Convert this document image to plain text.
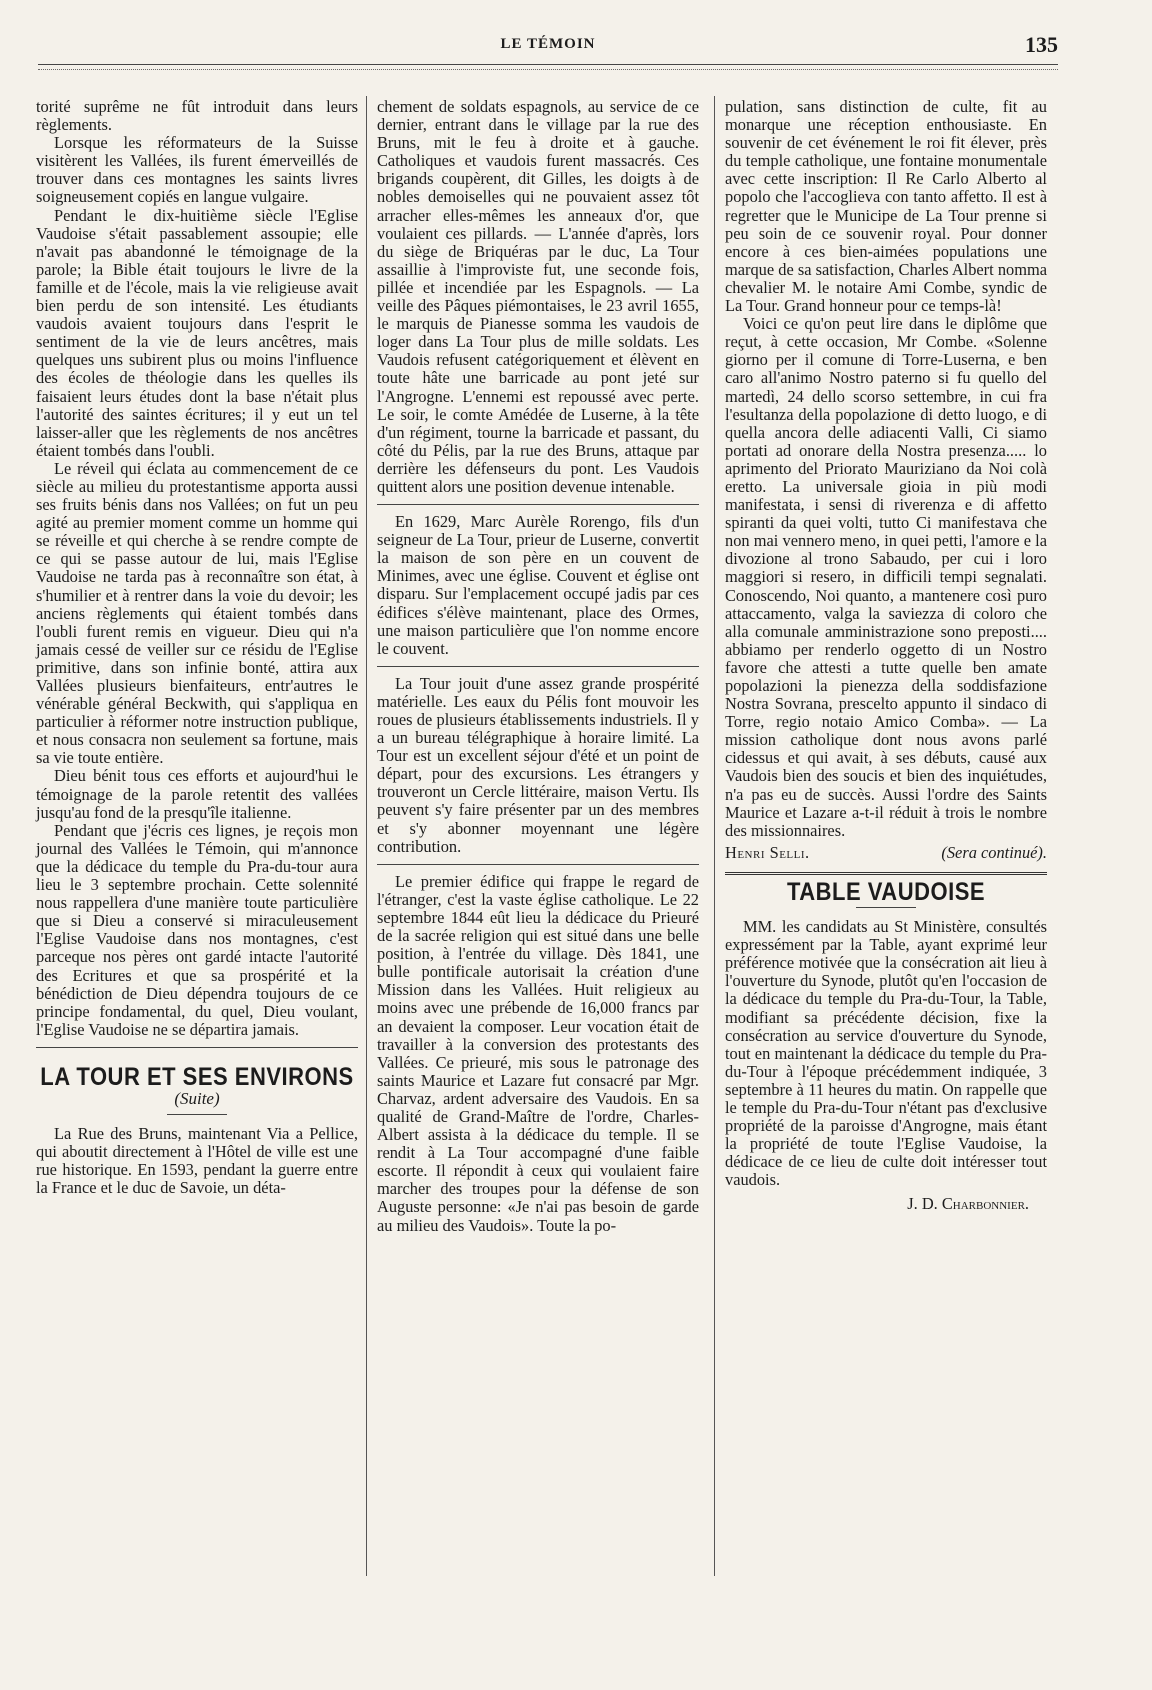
LE TÉMOIN	135

torité suprême ne fût introduit dans leurs règlements.

Lorsque les réformateurs de la Suisse visitèrent les Vallées, ils furent émerveillés de trouver dans ces montagnes les saints livres soigneusement copiés en langue vulgaire.

Pendant le dix-huitième siècle l'Eglise Vaudoise s'était passablement assoupie; elle n'avait pas abandonné le témoignage de la parole; la Bible était toujours le livre de la famille et de l'école, mais la vie religieuse avait bien perdu de son intensité. Les étudiants vaudois avaient toujours dans l'esprit le sentiment de la vie de leurs ancêtres, mais quelques uns subirent plus ou moins l'influence des écoles de théologie dans les quelles ils faisaient leurs études dont la base n'était plus l'autorité des saintes écritures; il y eut un tel laisser-aller que les règlements de nos ancêtres étaient tombés dans l'oubli.

Le réveil qui éclata au commencement de ce siècle au milieu du protestantisme apporta aussi ses fruits bénis dans nos Vallées; on fut un peu agité au premier moment comme un homme qui se réveille et qui cherche à se rendre compte de ce qui se passe autour de lui, mais l'Eglise Vaudoise ne tarda pas à reconnaître son état, à s'humilier et à rentrer dans la voie du devoir; les anciens règlements qui étaient tombés dans l'oubli furent remis en vigueur. Dieu qui n'a jamais cessé de veiller sur ce résidu de l'Eglise primitive, dans son infinie bonté, attira aux Vallées plusieurs bienfaiteurs, entr'autres le vénérable général Beckwith, qui s'appliqua en particulier à réformer notre instruction publique, et nous consacra non seulement sa fortune, mais sa vie toute entière.

Dieu bénit tous ces efforts et aujourd'hui le témoignage de la parole retentit des vallées jusqu'au fond de la presqu'île italienne.

Pendant que j'écris ces lignes, je reçois mon journal des Vallées le Témoin, qui m'annonce que la dédicace du temple du Pra-du-tour aura lieu le 3 septembre prochain. Cette solennité nous rappellera d'une manière toute particulière que si Dieu a conservé si miraculeusement l'Eglise Vaudoise dans nos montagnes, c'est parceque nos pères ont gardé intacte l'autorité des Ecritures et que sa prospérité et la bénédiction de Dieu dépendra toujours de ce principe fondamental, du quel, Dieu voulant, l'Eglise Vaudoise ne se départira jamais.

LA TOUR ET SES ENVIRONS
(Suite)

La Rue des Bruns, maintenant Via a Pellice, qui aboutit directement à l'Hôtel de ville est une rue historique. En 1593, pendant la guerre entre la France et le duc de Savoie, un déta-

chement de soldats espagnols, au service de ce dernier, entrant dans le village par la rue des Bruns, mit le feu à droite et à gauche. Catholiques et vaudois furent massacrés. Ces brigands coupèrent, dit Gilles, les doigts à de nobles demoiselles qui ne pouvaient assez tôt arracher elles-mêmes les anneaux d'or, que voulaient ces pillards. — L'année d'après, lors du siège de Briquéras par le duc, La Tour assaillie à l'improviste fut, une seconde fois, pillée et incendiée par les Espagnols. — La veille des Pâques piémontaises, le 23 avril 1655, le marquis de Pianesse somma les vaudois de loger dans La Tour plus de mille soldats. Les Vaudois refusent catégoriquement et élèvent en toute hâte une barricade au pont jeté sur l'Angrogne. L'ennemi est repoussé avec perte. Le soir, le comte Amédée de Luserne, à la tête d'un régiment, tourne la barricade et passant, du côté du Pélis, par la rue des Bruns, attaque par derrière les défenseurs du pont. Les Vaudois quittent alors une position devenue intenable.

En 1629, Marc Aurèle Rorengo, fils d'un seigneur de La Tour, prieur de Luserne, convertit la maison de son père en un couvent de Minimes, avec une église. Couvent et église ont disparu. Sur l'emplacement occupé jadis par ces édifices s'élève maintenant, place des Ormes, une maison particulière que l'on nomme encore le couvent.

La Tour jouit d'une assez grande prospérité matérielle. Les eaux du Pélis font mouvoir les roues de plusieurs établissements industriels. Il y a un bureau télégraphique à horaire limité. La Tour est un excellent séjour d'été et un point de départ, pour des excursions. Les étrangers y trouveront un Cercle littéraire, maison Vertu. Ils peuvent s'y faire présenter par un des membres et s'y abonner moyennant une légère contribution.

Le premier édifice qui frappe le regard de l'étranger, c'est la vaste église catholique. Le 22 septembre 1844 eût lieu la dédicace du Prieuré de la sacrée religion qui est situé dans une belle position, à l'entrée du village. Dès 1841, une bulle pontificale autorisait la création d'une Mission dans les Vallées. Huit religieux au moins avec une prébende de 16,000 francs par an devaient la composer. Leur vocation était de travailler à la conversion des protestants des Vallées. Ce prieuré, mis sous le patronage des saints Maurice et Lazare fut consacré par Mgr. Charvaz, ardent adversaire des Vaudois. En sa qualité de Grand-Maître de l'ordre, Charles-Albert assista à la dédicace du temple. Il se rendit à La Tour accompagné d'une faible escorte. Il répondit à ceux qui voulaient faire marcher des troupes pour la défense de son Auguste personne: «Je n'ai pas besoin de garde au milieu des Vaudois». Toute la po-

pulation, sans distinction de culte, fit au monarque une réception enthousiaste. En souvenir de cet événement le roi fit élever, près du temple catholique, une fontaine monumentale avec cette inscription: Il Re Carlo Alberto al popolo che l'accoglieva con tanto affetto. Il est à regretter que le Municipe de La Tour prenne si peu soin de ce souvenir royal. Pour donner encore à ces bien-aimées populations une marque de sa satisfaction, Charles Albert nomma chevalier M. le notaire Ami Combe, syndic de La Tour. Grand honneur pour ce temps-là!

Voici ce qu'on peut lire dans le diplôme que reçut, à cette occasion, Mr Combe. «Solenne giorno per il comune di Torre-Luserna, e ben caro all'animo Nostro paterno si fu quello del martedì, 24 dello scorso settembre, in cui fra l'esultanza della popolazione di detto luogo, e di quella ancora delle adiacenti Valli, Ci siamo portati ad onorare della Nostra presenza..... lo aprimento del Priorato Mauriziano da Noi colà eretto. La universale gioia in più modi manifestata, i sensi di riverenza e di affetto spiranti da quei volti, tutto Ci manifestava che non mai vennero meno, in quei petti, l'amore e la divozione al trono Sabaudo, per cui i loro maggiori si resero, in difficili tempi segnalati. Conoscendo, Noi quanto, a mantenere così puro attaccamento, valga la saviezza di coloro che alla comunale amministrazione sono preposti.... abbiamo per renderlo oggetto di un Nostro favore che attesti a tutte quelle ben amate popolazioni la pienezza della soddisfazione Nostra Sovrana, prescelto appunto il sindaco di Torre, regio notaio Amico Comba». — La mission catholique dont nous avons parlé cidessus et qui avait, à ses débuts, causé aux Vaudois bien des soucis et bien des inquiétudes, n'a pas eu de succès. Aussi l'ordre des Saints Maurice et Lazare a-t-il réduit à trois le nombre des missionnaires.

Henri Selli.	(Sera continué).
TABLE VAUDOISE

MM. les candidats au St Ministère, consultés expressément par la Table, ayant exprimé leur préférence motivée que la consécration ait lieu à l'ouverture du Synode, plutôt qu'en l'occasion de la dédicace du temple du Pra-du-Tour, la Table, modifiant sa précédente décision, fixe la consécration au service d'ouverture du Synode, tout en maintenant la dédicace du temple du Pra-du-Tour à l'époque précédemment indiquée, 3 septembre à 11 heures du matin. On rappelle que le temple du Pra-du-Tour n'étant pas d'exclusive propriété de la paroisse d'Angrogne, mais étant la propriété de toute l'Eglise Vaudoise, la dédicace de ce lieu de culte doit intéresser tout vaudois.

J. D. Charbonnier.
